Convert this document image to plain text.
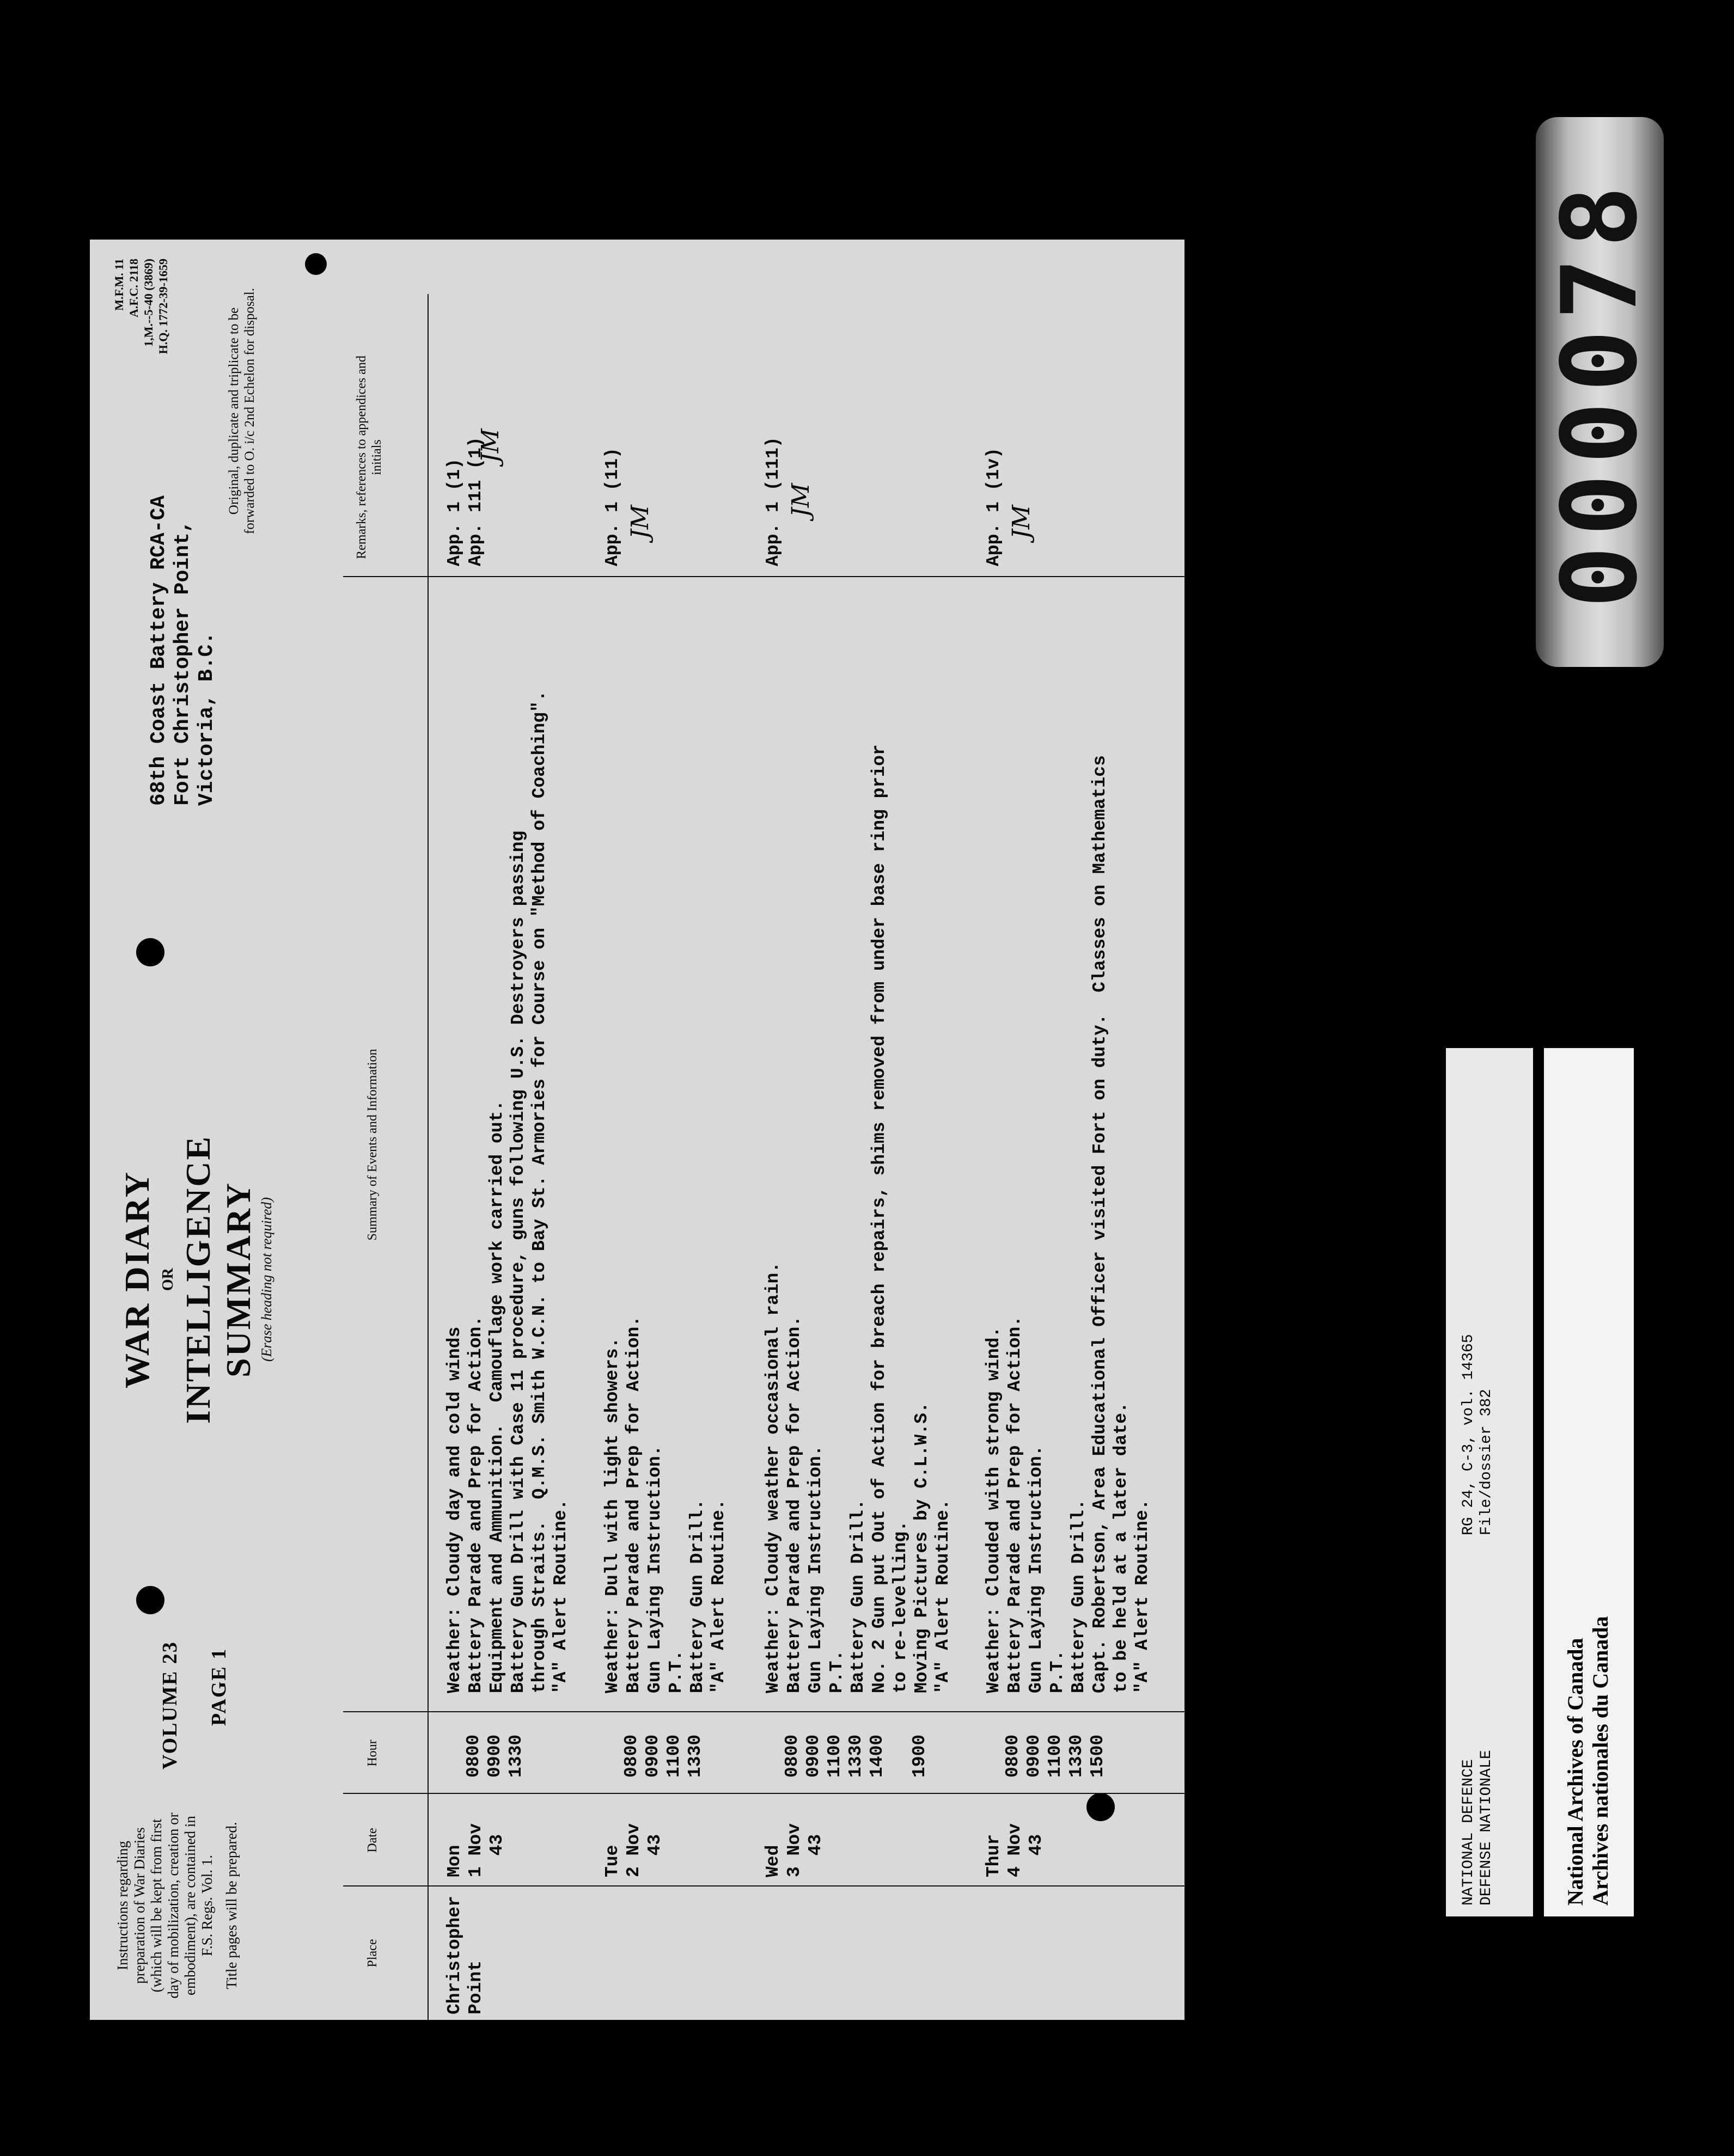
Instructions regarding preparation of War Diaries (which will be kept from first day of mobilization, creation or embodiment), are contained in F.S. Regs. Vol. 1. Title pages will be prepared.

VOLUME 23 PAGE 1
WAR DIARY OR INTELLIGENCE SUMMARY (Erase heading not required)
68th Coast Battery RCA-CA Fort Christopher Point, Victoria, B.C.
M.F.M. 11 A.F.C. 2118 1,M.--5-40 (3869) H.Q. 1772-39-1659
Original, duplicate and triplicate to be forwarded to O. i/c 2nd Echelon for disposal.
Place
Date
Hour
Summary of Events and Information
Remarks, references to appendices and initials
Christopher
Point
Mon
1 Nov
43
0800
0900
1330
Weather: Cloudy day and cold winds
Battery Parade and Prep for Action.
Equipment and Ammunition.  Camouflage work carried out.
Battery Gun Drill with Case 11 procedure, guns following U.S. Destroyers passing
through Straits.  Q.M.S. Smith W.C.N. to Bay St. Armories for Course on "Method of Coaching".
"A" Alert Routine.
App. 1 (1)
App. 111 (1)
JM
Tue
2 Nov
43
0800
0900
1100
1330
Weather: Dull with light showers.
Battery Parade and Prep for Action.
Gun Laying Instruction.
P.T.
Battery Gun Drill.
"A" Alert Routine.
App. 1 (11) JM
Wed
3 Nov
43
0800
0900
1100
1330
1400

1900
Weather: Cloudy weather occasional rain.
Battery Parade and Prep for Action.
Gun Laying Instruction.
P.T.
Battery Gun Drill.
No. 2 Gun put Out of Action for breach repairs, shims removed from under base ring prior
to re-levelling.
Moving Pictures by C.L.W.S.
"A" Alert Routine.
App. 1 (111) JM
Thur
4 Nov
43
0800
0900
1100
1330
1500
Weather: Clouded with strong wind.
Battery Parade and Prep for Action.
Gun Laying Instruction.
P.T.
Battery Gun Drill.
Capt. Robertson, Area Educational Officer visited Fort on duty.  Classes on Mathematics
to be held at a later date.
"A" Alert Routine.
App. 1 (1v) JM
NATIONAL DEFENCE
DEFENSE NATIONALE
RG 24, C-3, vol. 14365
File/dossier 382
National Archives of Canada
Archives nationales du Canada
000078
